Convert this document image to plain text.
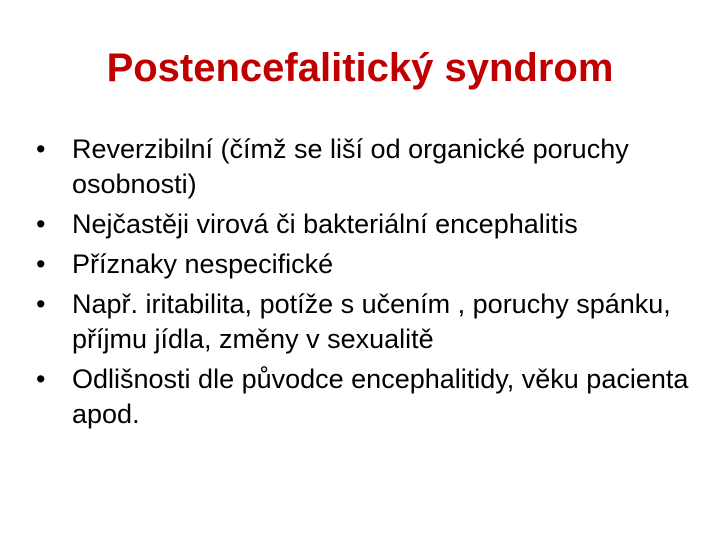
Postencefalitický syndrom
• Reverzibilní (čímž se liší od organické poruchy osobnosti)
• Nejčastěji virová či bakteriální encephalitis
• Příznaky nespecifické
• Např. iritabilita, potíže s učením , poruchy spánku, příjmu jídla, změny v sexualitě
• Odlišnosti dle původce encephalitidy, věku pacienta apod.
